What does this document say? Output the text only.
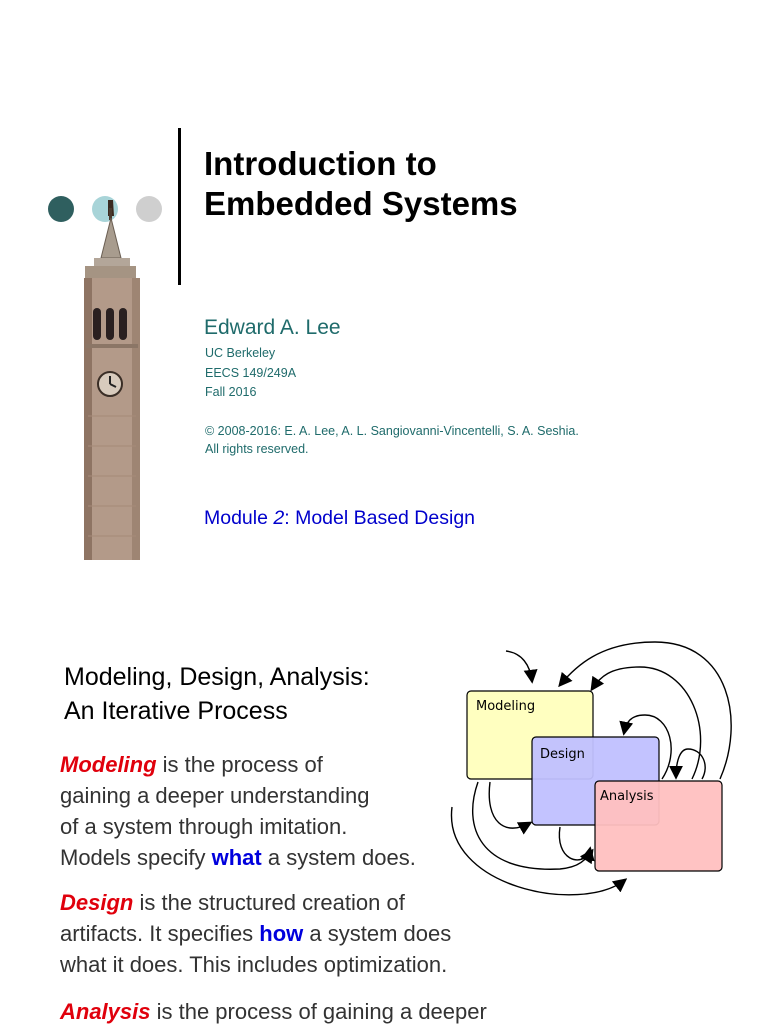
Introduction to
Embedded Systems
Edward A. Lee
UC Berkeley
EECS 149/249A
Fall 2016
© 2008-2016: E. A. Lee, A. L. Sangiovanni-Vincentelli, S. A. Seshia.
All rights reserved.
Module 2: Model Based Design
Modeling, Design, Analysis:
An Iterative Process
Modeling is the process of
gaining a deeper understanding
of a system through imitation.
Models specify what a system does.
Design is the structured creation of
artifacts. It specifies how a system does
what it does. This includes optimization.
Analysis is the process of gaining a deeper
Modeling
Design
Analysis
